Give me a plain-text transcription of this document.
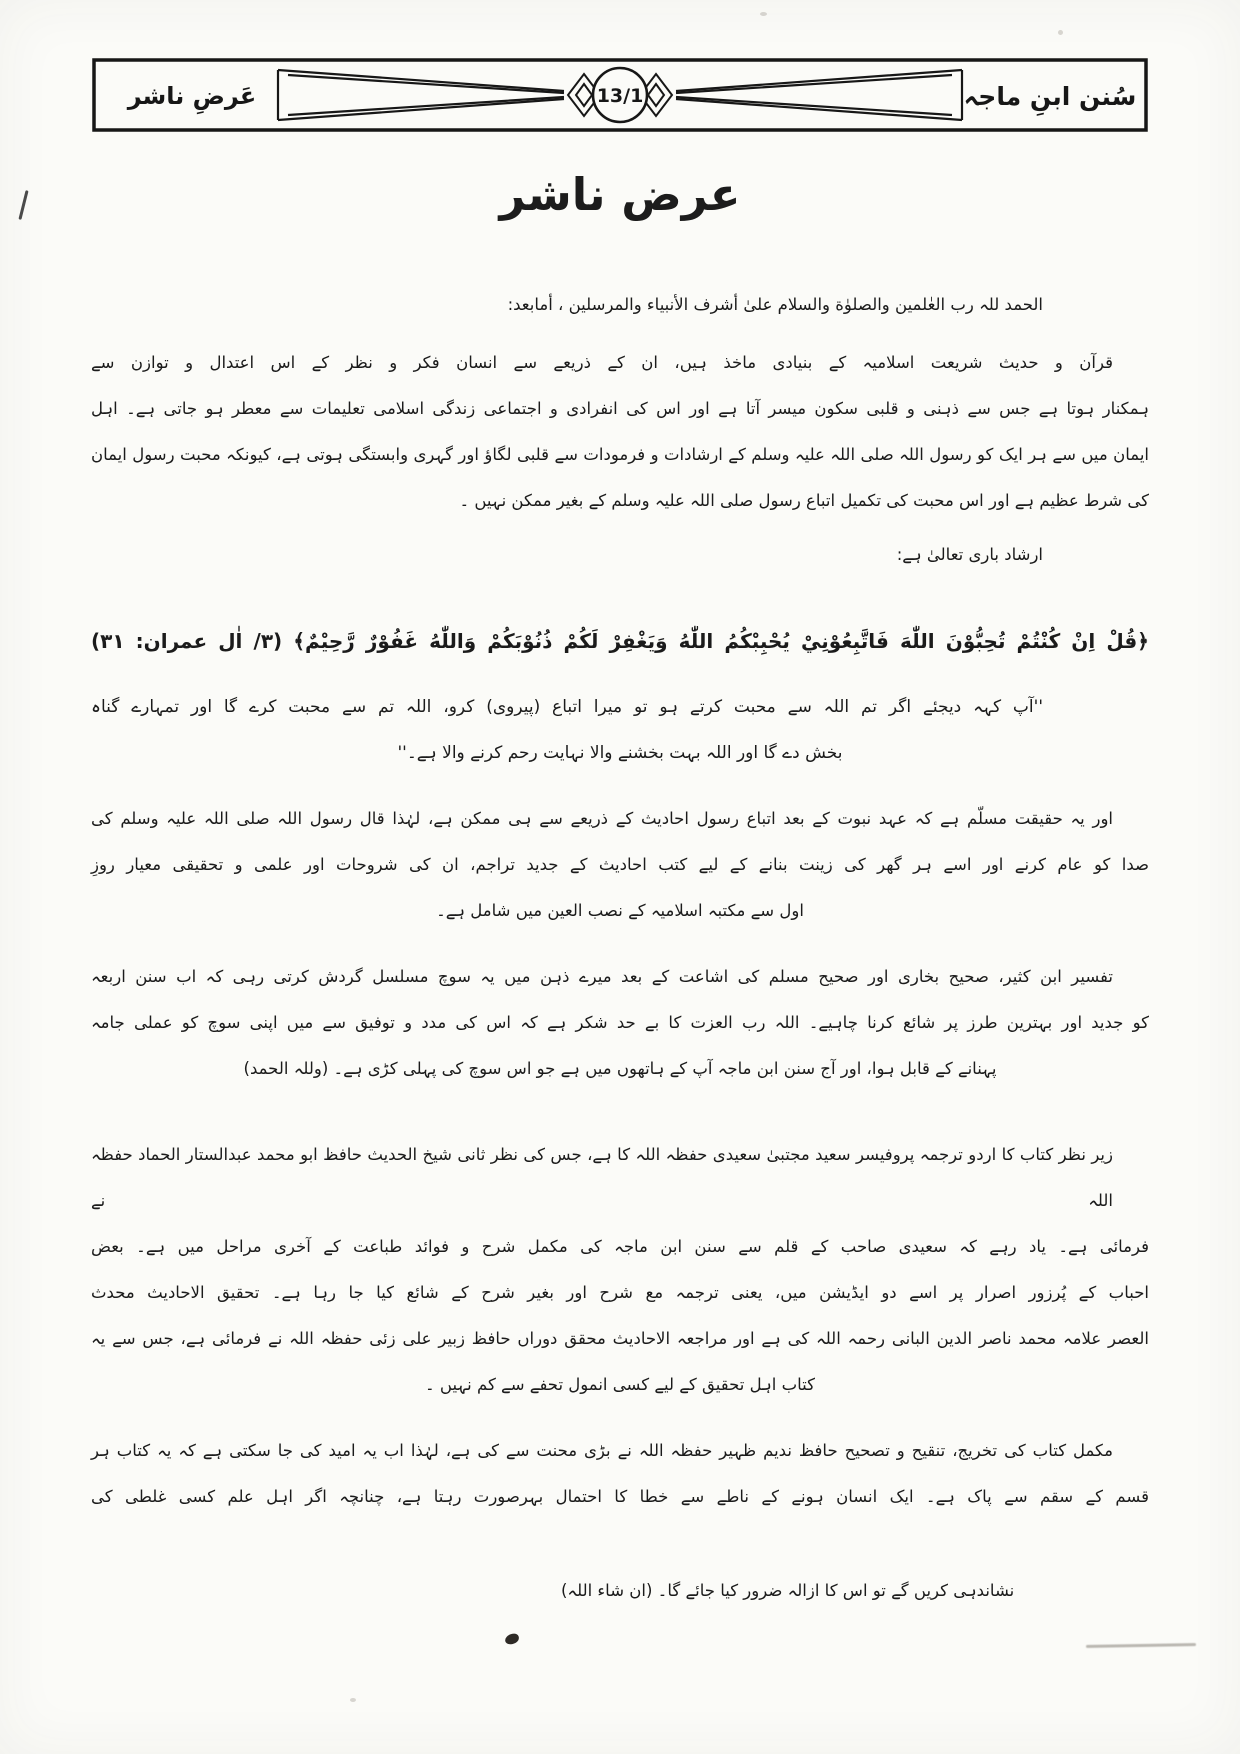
13/1
عَرضِ ناشر	سُنن ابنِ ماجہ
عرض ناشر
الحمد للہ رب العٰلمین والصلوٰة والسلام علیٰ أشرف الأنبیاء والمرسلین ، أمابعد:
قرآن و حدیث شریعت اسلامیہ کے بنیادی ماخذ ہیں، ان کے ذریعے سے انسان فکر و نظر کے اس اعتدال و توازن سے
ہمکنار ہوتا ہے جس سے ذہنی و قلبی سکون میسر آتا ہے اور اس کی انفرادی و اجتماعی زندگی اسلامی تعلیمات سے معطر ہو جاتی ہے۔ اہل
ایمان میں سے ہر ایک کو رسول اللہ صلی اللہ علیہ وسلم کے ارشادات و فرمودات سے قلبی لگاؤ اور گہری وابستگی ہوتی ہے، کیونکہ محبت رسول ایمان
کی شرط عظیم ہے اور اس محبت کی تکمیل اتباع رسول صلی اللہ علیہ وسلم کے بغیر ممکن نہیں ۔
ارشاد باری تعالیٰ ہے:
﴿قُلْ اِنْ كُنْتُمْ تُحِبُّوْنَ اللّٰهَ فَاتَّبِعُوْنِيْ يُحْبِبْكُمُ اللّٰهُ وَيَغْفِرْ لَكُمْ ذُنُوْبَكُمْ وَاللّٰهُ غَفُوْرٌ رَّحِيْمٌ﴾ (۳/ اٰل عمران: ۳۱)
''آپ کہہ دیجئے اگر تم اللہ سے محبت کرتے ہو تو میرا اتباع (پیروی) کرو، اللہ تم سے محبت کرے گا اور تمہارے گناہ
بخش دے گا اور اللہ بہت بخشنے والا نہایت رحم کرنے والا ہے۔''
اور یہ حقیقت مسلّم ہے کہ عہد نبوت کے بعد اتباع رسول احادیث کے ذریعے سے ہی ممکن ہے، لہٰذا قال رسول اللہ صلی اللہ علیہ وسلم کی
صدا کو عام کرنے اور اسے ہر گھر کی زینت بنانے کے لیے کتب احادیث کے جدید تراجم، ان کی شروحات اور علمی و تحقیقی معیار روزِ
اول سے مکتبہ اسلامیہ کے نصب العین میں شامل ہے۔
تفسیر ابن کثیر، صحیح بخاری اور صحیح مسلم کی اشاعت کے بعد میرے ذہن میں یہ سوچ مسلسل گردش کرتی رہی کہ اب سنن اربعہ
کو جدید اور بہترین طرز پر شائع کرنا چاہیے۔ اللہ رب العزت کا بے حد شکر ہے کہ اس کی مدد و توفیق سے میں اپنی سوچ کو عملی جامہ
پہنانے کے قابل ہوا، اور آج سنن ابن ماجہ آپ کے ہاتھوں میں ہے جو اس سوچ کی پہلی کڑی ہے۔ (وللہ الحمد)
زیر نظر کتاب کا اردو ترجمہ پروفیسر سعید مجتبیٰ سعیدی حفظہ اللہ کا ہے، جس کی نظر ثانی شیخ الحدیث حافظ ابو محمد عبدالستار الحماد حفظہ اللہ نے
فرمائی ہے۔ یاد رہے کہ سعیدی صاحب کے قلم سے سنن ابن ماجہ کی مکمل شرح و فوائد طباعت کے آخری مراحل میں ہے۔ بعض
احباب کے پُرزور اصرار پر اسے دو ایڈیشن میں، یعنی ترجمہ مع شرح اور بغیر شرح کے شائع کیا جا رہا ہے۔ تحقیق الاحادیث محدث
العصر علامہ محمد ناصر الدین البانی رحمہ اللہ کی ہے اور مراجعہ الاحادیث محقق دوراں حافظ زبیر علی زئی حفظہ اللہ نے فرمائی ہے، جس سے یہ
کتاب اہل تحقیق کے لیے کسی انمول تحفے سے کم نہیں ۔
مکمل کتاب کی تخریج، تنقیح و تصحیح حافظ ندیم ظہیر حفظہ اللہ نے بڑی محنت سے کی ہے، لہٰذا اب یہ امید کی جا سکتی ہے کہ یہ کتاب ہر
قسم کے سقم سے پاک ہے۔ ایک انسان ہونے کے ناطے سے خطا کا احتمال بہرصورت رہتا ہے، چنانچہ اگر اہل علم کسی غلطی کی
نشاندہی کریں گے تو اس کا ازالہ ضرور کیا جائے گا۔ (ان شاء اللہ)
